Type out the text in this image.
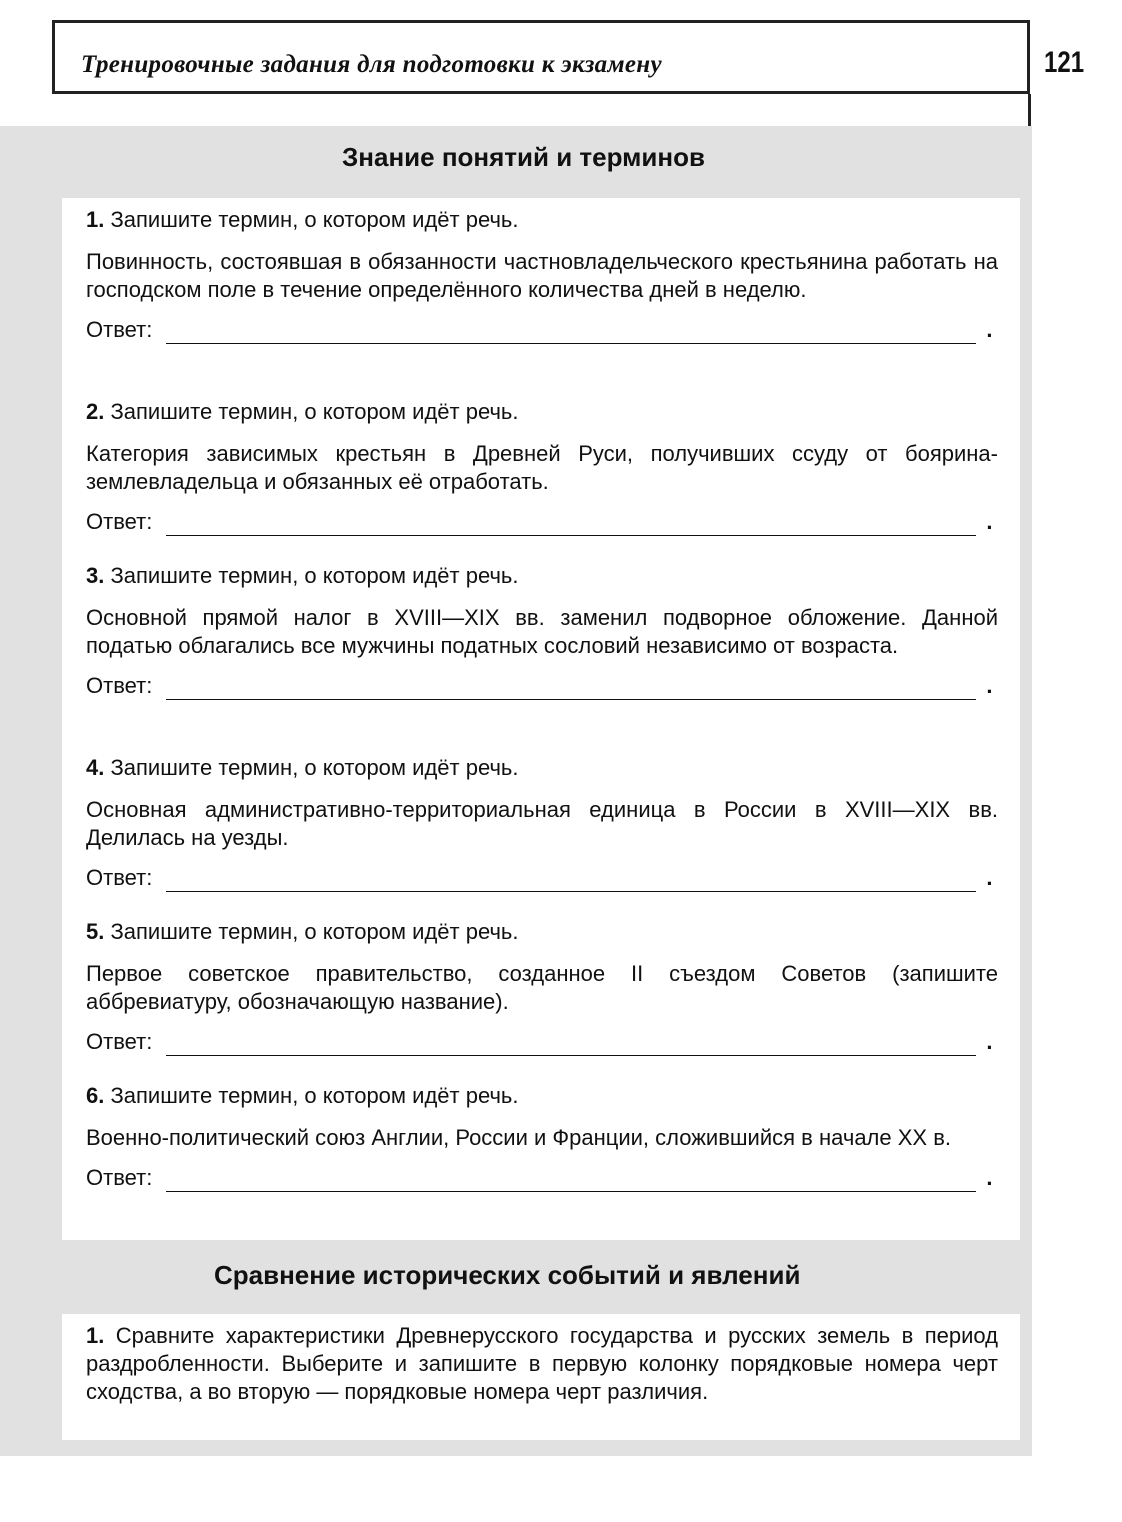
Тренировочные задания для подготовки к экзамену	121
Знание понятий и терминов

1. Запишите термин, о котором идёт речь.

Повинность, состоявшая в обязанности частновладельческого крестьянина работать на господском поле в течение определённого количества дней в неделю.

Ответ:	.

2. Запишите термин, о котором идёт речь.

Категория зависимых крестьян в Древней Руси, получивших ссуду от боярина-землевладельца и обязанных её отработать.

Ответ:	.

3. Запишите термин, о котором идёт речь.

Основной прямой налог в XVIII—XIX вв. заменил подворное обложение. Данной податью облагались все мужчины податных сословий независимо от возраста.

Ответ:	.

4. Запишите термин, о котором идёт речь.

Основная административно-территориальная единица в России в XVIII—XIX вв. Делилась на уезды.

Ответ:	.

5. Запишите термин, о котором идёт речь.

Первое советское правительство, созданное II съездом Советов (запишите аббревиатуру, обозначающую название).

Ответ:	.

6. Запишите термин, о котором идёт речь.

Военно-политический союз Англии, России и Франции, сложившийся в начале XX в.

Ответ:	.
Сравнение исторических событий и явлений

1. Сравните характеристики Древнерусского государства и русских земель в период раздробленности. Выберите и запишите в первую колонку порядковые номера черт сходства, а во вторую — порядковые номера черт различия.
